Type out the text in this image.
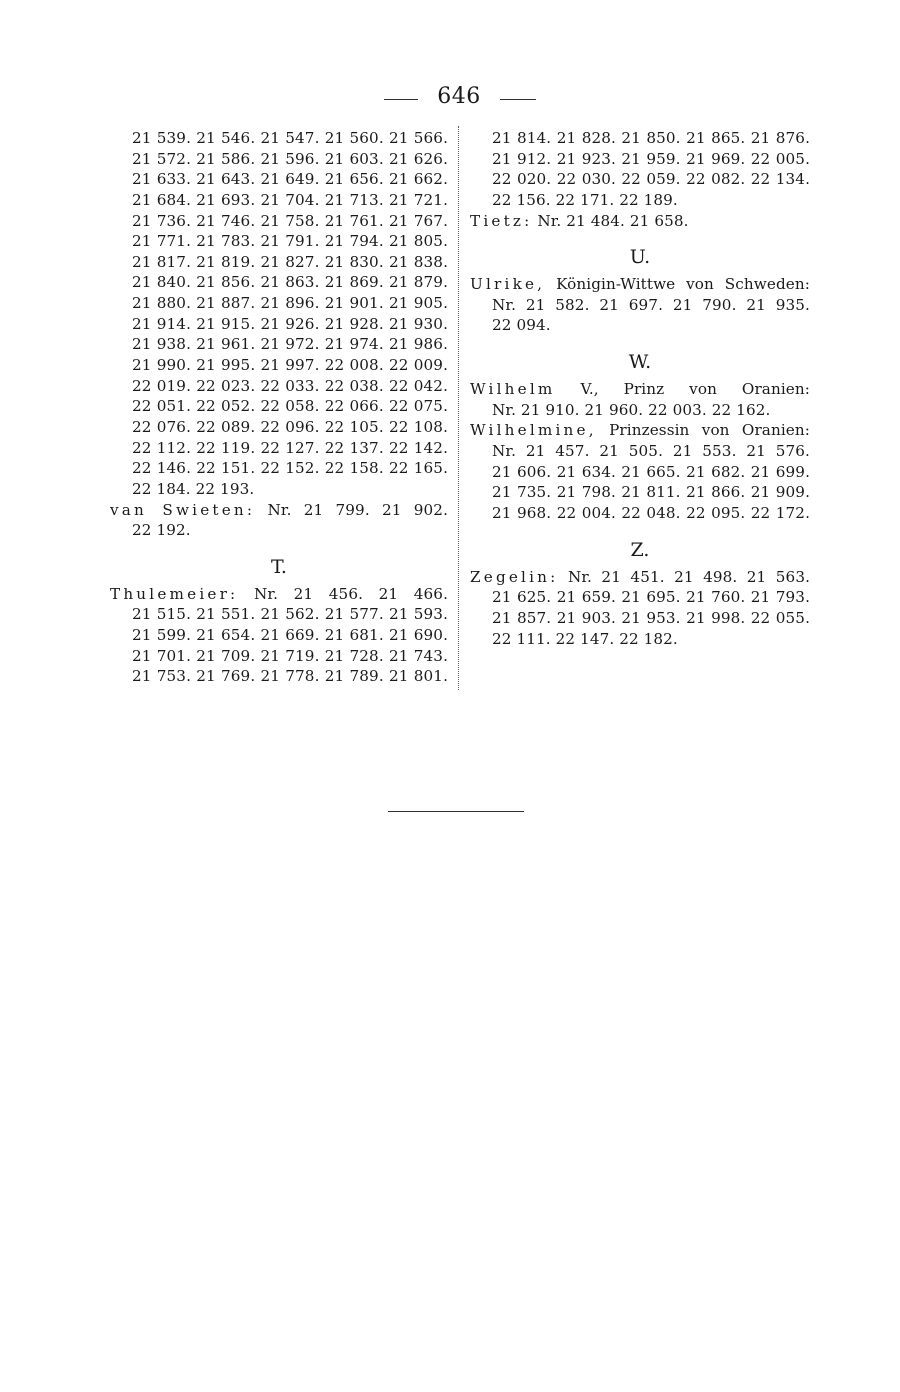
646
21 539. 21 546. 21 547. 21 560. 21 566.
21 572. 21 586. 21 596. 21 603. 21 626.
21 633. 21 643. 21 649. 21 656. 21 662.
21 684. 21 693. 21 704. 21 713. 21 721.
21 736. 21 746. 21 758. 21 761. 21 767.
21 771. 21 783. 21 791. 21 794. 21 805.
21 817. 21 819. 21 827. 21 830. 21 838.
21 840. 21 856. 21 863. 21 869. 21 879.
21 880. 21 887. 21 896. 21 901. 21 905.
21 914. 21 915. 21 926. 21 928. 21 930.
21 938. 21 961. 21 972. 21 974. 21 986.
21 990. 21 995. 21 997. 22 008. 22 009.
22 019. 22 023. 22 033. 22 038. 22 042.
22 051. 22 052. 22 058. 22 066. 22 075.
22 076. 22 089. 22 096. 22 105. 22 108.
22 112. 22 119. 22 127. 22 137. 22 142.
22 146. 22 151. 22 152. 22 158. 22 165.
22 184. 22 193.
van Swieten: Nr. 21 799. 21 902.
22 192.
T.
Thulemeier: Nr. 21 456. 21 466.
21 515. 21 551. 21 562. 21 577. 21 593.
21 599. 21 654. 21 669. 21 681. 21 690.
21 701. 21 709. 21 719. 21 728. 21 743.
21 753. 21 769. 21 778. 21 789. 21 801.
21 814. 21 828. 21 850. 21 865. 21 876.
21 912. 21 923. 21 959. 21 969. 22 005.
22 020. 22 030. 22 059. 22 082. 22 134.
22 156. 22 171. 22 189.
Tietz: Nr. 21 484. 21 658.
U.
Ulrike, Königin-Wittwe von Schweden:
Nr. 21 582. 21 697. 21 790. 21 935.
22 094.
W.
Wilhelm V., Prinz von Oranien:
Nr. 21 910. 21 960. 22 003. 22 162.
Wilhelmine, Prinzessin von Oranien:
Nr. 21 457. 21 505. 21 553. 21 576.
21 606. 21 634. 21 665. 21 682. 21 699.
21 735. 21 798. 21 811. 21 866. 21 909.
21 968. 22 004. 22 048. 22 095. 22 172.
Z.
Zegelin: Nr. 21 451. 21 498. 21 563.
21 625. 21 659. 21 695. 21 760. 21 793.
21 857. 21 903. 21 953. 21 998. 22 055.
22 111. 22 147. 22 182.
